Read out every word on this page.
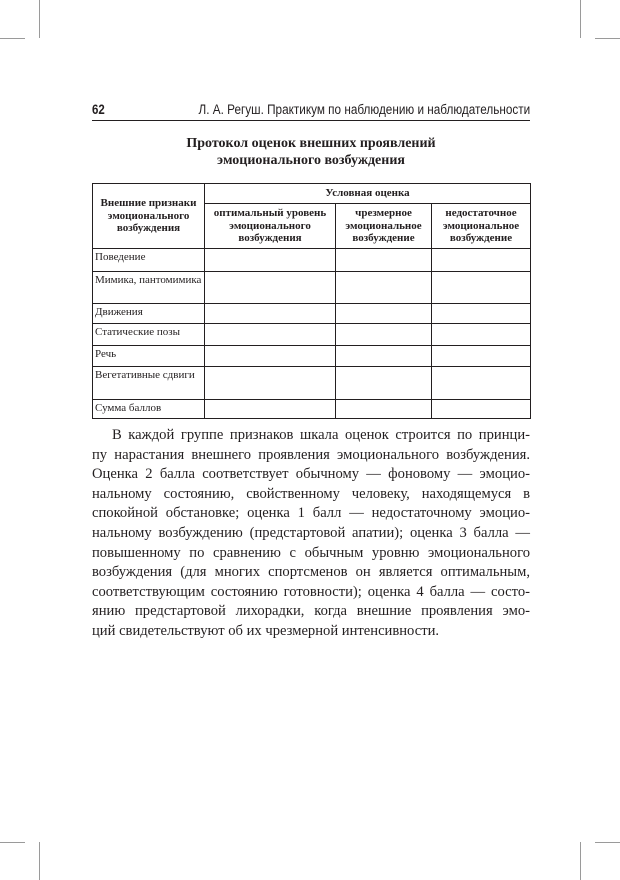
62	Л. А. Регуш. Практикум по наблюдению и наблюдательности
Протокол оценок внешних проявлений
эмоционального возбуждения
Внешние признаки эмоционального возбуждения	Условная оценка		
	оптимальный уровень эмоционального возбуждения	чрезмерное эмоциональное возбуждение	недостаточное эмоциональное возбуждение
Поведение			
Мимика, пантомимика			
Движения			
Статические позы			
Речь			
Вегетативные сдвиги			
Сумма баллов			
В каждой группе признаков шкала оценок строится по принци-
пу нарастания внешнего проявления эмоционального возбуждения.
Оценка 2 балла соответствует обычному — фоновому — эмоцио-
нальному состоянию, свойственному человеку, находящемуся в
спокойной обстановке; оценка 1 балл — недостаточному эмоцио-
нальному возбуждению (предстартовой апатии); оценка 3 балла —
повышенному по сравнению с обычным уровню эмоционального
возбуждения (для многих спортсменов он является оптимальным,
соответствующим состоянию готовности); оценка 4 балла — состо-
янию предстартовой лихорадки, когда внешние проявления эмо-
ций свидетельствуют об их чрезмерной интенсивности.
